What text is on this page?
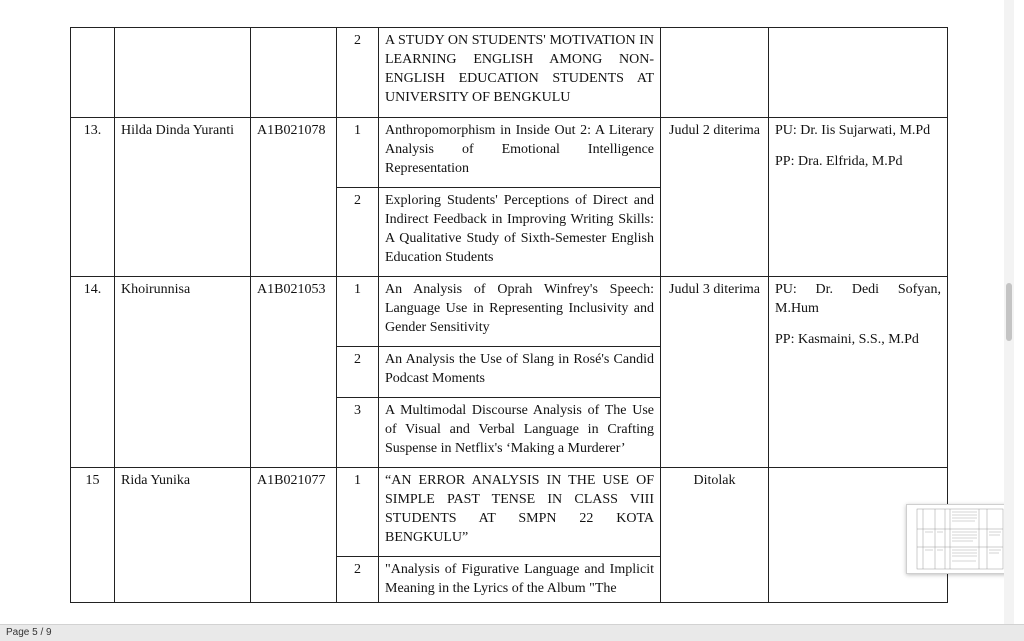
			2	A STUDY ON STUDENTS' MOTIVATION IN LEARNING ENGLISH AMONG NON-ENGLISH EDUCATION STUDENTS AT UNIVERSITY OF BENGKULU		
13.	Hilda Dinda Yuranti	A1B021078	1	Anthropomorphism in Inside Out 2: A Literary Analysis of Emotional Intelligence Representation	Judul 2 diterima	PU: Dr. Iis Sujarwati, M.Pd

PP: Dra. Elfrida, M.Pd

			2	Exploring Students' Perceptions of Direct and Indirect Feedback in Improving Writing Skills: A Qualitative Study of Sixth-Semester English Education Students		
14.	Khoirunnisa	A1B021053	1	An Analysis of Oprah Winfrey's Speech: Language Use in Representing Inclusivity and Gender Sensitivity	Judul 3 diterima	PU: Dr. Dedi Sofyan, M.Hum

PP: Kasmaini, S.S., M.Pd

			2	An Analysis the Use of Slang in Rosé's Candid Podcast Moments		
			3	A Multimodal Discourse Analysis of The Use of Visual and Verbal Language in Crafting Suspense in Netflix's ‘Making a Murderer’		
15	Rida Yunika	A1B021077	1	“AN ERROR ANALYSIS IN THE USE OF SIMPLE PAST TENSE IN CLASS VIII STUDENTS AT SMPN 22 KOTA BENGKULU”	Ditolak	
			2	"Analysis of Figurative Language and Implicit Meaning in the Lyrics of the Album "The		
Page 5 / 9
